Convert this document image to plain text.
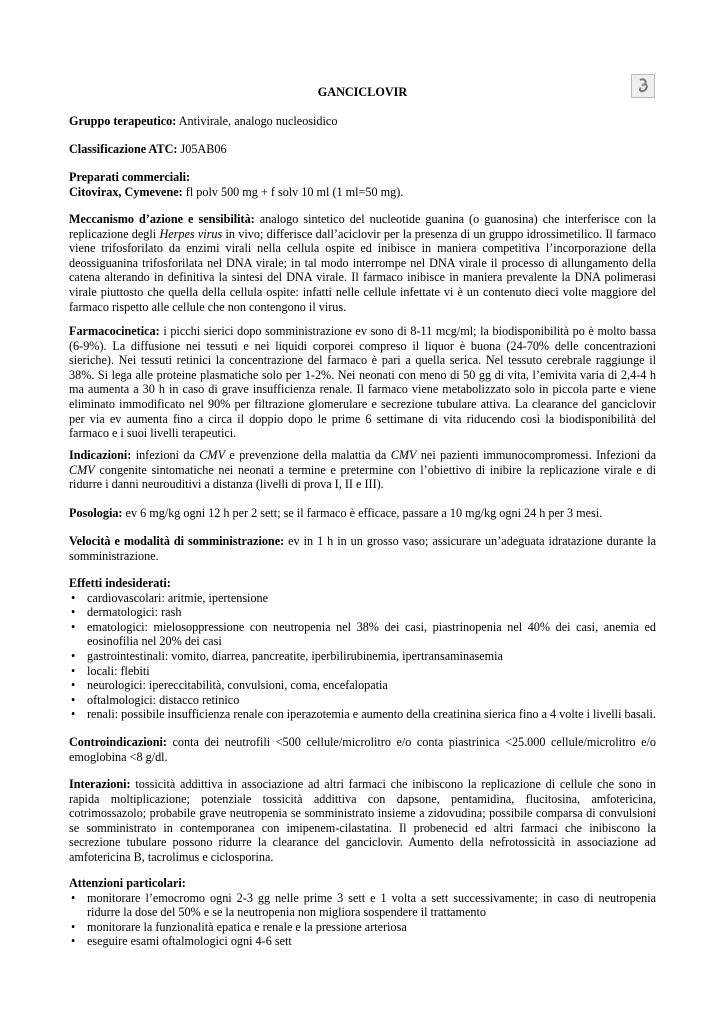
GANCICLOVIR
Gruppo terapeutico: Antivirale, analogo nucleosidico
Classificazione ATC: J05AB06
Preparati commerciali:
Citovirax, Cymevene: fl polv 500 mg + f solv 10 ml (1 ml=50 mg).
Meccanismo d’azione e sensibilità: analogo sintetico del nucleotide guanina (o guanosina) che interferisce con la replicazione degli Herpes virus in vivo; differisce dall’aciclovir per la presenza di un gruppo idrossimetilico. Il farmaco viene trifosforilato da enzimi virali nella cellula ospite ed inibisce in maniera competitiva l’incorporazione della deossiguanina trifosforilata nel DNA virale; in tal modo interrompe nel DNA virale il processo di allungamento della catena alterando in definitiva la sintesi del DNA virale. Il farmaco inibisce in maniera prevalente la DNA polimerasi virale piuttosto che quella della cellula ospite: infatti nelle cellule infettate vi è un contenuto dieci volte maggiore del farmaco rispetto alle cellule che non contengono il virus.
Farmacocinetica: i picchi sierici dopo somministrazione ev sono di 8-11 mcg/ml; la biodisponibilità po è molto bassa (6-9%). La diffusione nei tessuti e nei liquidi corporei compreso il liquor è buona (24-70% delle concentrazioni sieriche). Nei tessuti retinici la concentrazione del farmaco è pari a quella serica. Nel tessuto cerebrale raggiunge il 38%. Si lega alle proteine plasmatiche solo per 1-2%. Nei neonati con meno di 50 gg di vita, l’emivita varia di 2,4-4 h ma aumenta a 30 h in caso di grave insufficienza renale. Il farmaco viene metabolizzato solo in piccola parte e viene eliminato immodificato nel 90% per filtrazione glomerulare e secrezione tubulare attiva. La clearance del ganciclovir per via ev aumenta fino a circa il doppio dopo le prime 6 settimane di vita riducendo così la biodisponibilità del farmaco e i suoi livelli terapeutici.
Indicazioni: infezioni da CMV e prevenzione della malattia da CMV nei pazienti immunocompromessi. Infezioni da CMV congenite sintomatiche nei neonati a termine e pretermine con l’obiettivo di inibire la replicazione virale e di ridurre i danni neurouditivi a distanza (livelli di prova I, II e III).
Posologia: ev 6 mg/kg ogni 12 h per 2 sett; se il farmaco è efficace, passare a 10 mg/kg ogni 24 h per 3 mesi.
Velocità e modalità di somministrazione: ev in 1 h in un grosso vaso; assicurare un’adeguata idratazione durante la somministrazione.
Effetti indesiderati:
• cardiovascolari: aritmie, ipertensione
• dermatologici: rash
• ematologici: mielosoppressione con neutropenia nel 38% dei casi, piastrinopenia nel 40% dei casi, anemia ed eosinofilia nel 20% dei casi
• gastrointestinali: vomito, diarrea, pancreatite, iperbilirubinemia, ipertransaminasemia
• locali: flebiti
• neurologici: ipereccitabilità, convulsioni, coma, encefalopatia
• oftalmologici: distacco retinico
• renali: possibile insufficienza renale con iperazotemia e aumento della creatinina sierica fino a 4 volte i livelli basali.
Controindicazioni: conta dei neutrofili <500 cellule/microlitro e/o conta piastrinica <25.000 cellule/microlitro e/o emoglobina <8 g/dl.
Interazioni: tossicità addittiva in associazione ad altri farmaci che inibiscono la replicazione di cellule che sono in rapida moltiplicazione; potenziale tossicità addittiva con dapsone, pentamidina, flucitosina, amfotericina, cotrimossazolo; probabile grave neutropenia se somministrato insieme a zidovudina; possibile comparsa di convulsioni se somministrato in contemporanea con imipenem-cilastatina. Il probenecid ed altri farmaci che inibiscono la secrezione tubulare possono ridurre la clearance del ganciclovir. Aumento della nefrotossicità in associazione ad amfotericina B, tacrolimus e ciclosporina.
Attenzioni particolari:
• monitorare l’emocromo ogni 2-3 gg nelle prime 3 sett e 1 volta a sett successivamente; in caso di neutropenia ridurre la dose del 50% e se la neutropenia non migliora sospendere il trattamento
• monitorare la funzionalità epatica e renale e la pressione arteriosa
• eseguire esami oftalmologici ogni 4-6 sett
